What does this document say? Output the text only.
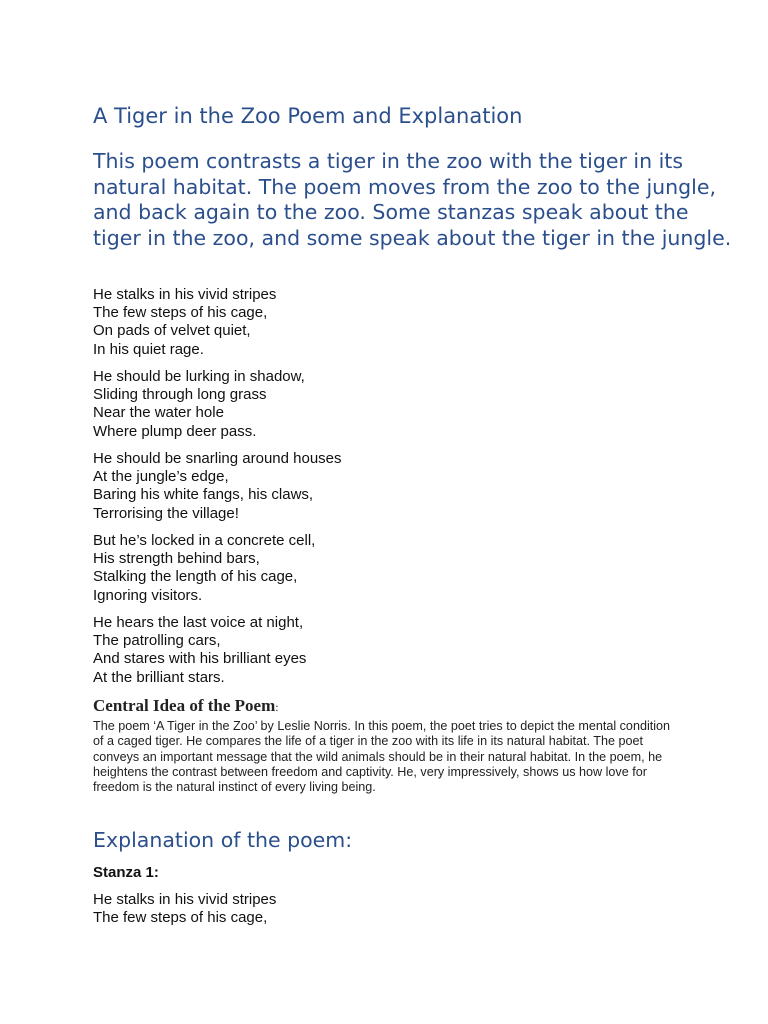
A Tiger in the Zoo Poem and Explanation

This poem contrasts a tiger in the zoo with the tiger in its natural habitat. The poem moves from the zoo to the jungle, and back again to the zoo. Some stanzas speak about the tiger in the zoo, and some speak about the tiger in the jungle.

He stalks in his vivid stripes
The few steps of his cage,
On pads of velvet quiet,
In his quiet rage.
He should be lurking in shadow,
Sliding through long grass
Near the water hole
Where plump deer pass.
He should be snarling around houses
At the jungle’s edge,
Baring his white fangs, his claws,
Terrorising the village!
But he’s locked in a concrete cell,
His strength behind bars,
Stalking the length of his cage,
Ignoring visitors.
He hears the last voice at night,
The patrolling cars,
And stares with his brilliant eyes
At the brilliant stars.
Central Idea of the Poem:

The poem ‘A Tiger in the Zoo’ by Leslie Norris. In this poem, the poet tries to depict the mental condition of a caged tiger. He compares the life of a tiger in the zoo with its life in its natural habitat. The poet conveys an important message that the wild animals should be in their natural habitat. In the poem, he heightens the contrast between freedom and captivity. He, very impressively, shows us how love for freedom is the natural instinct of every living being.

Explanation of the poem:
Stanza 1:
He stalks in his vivid stripes
The few steps of his cage,
